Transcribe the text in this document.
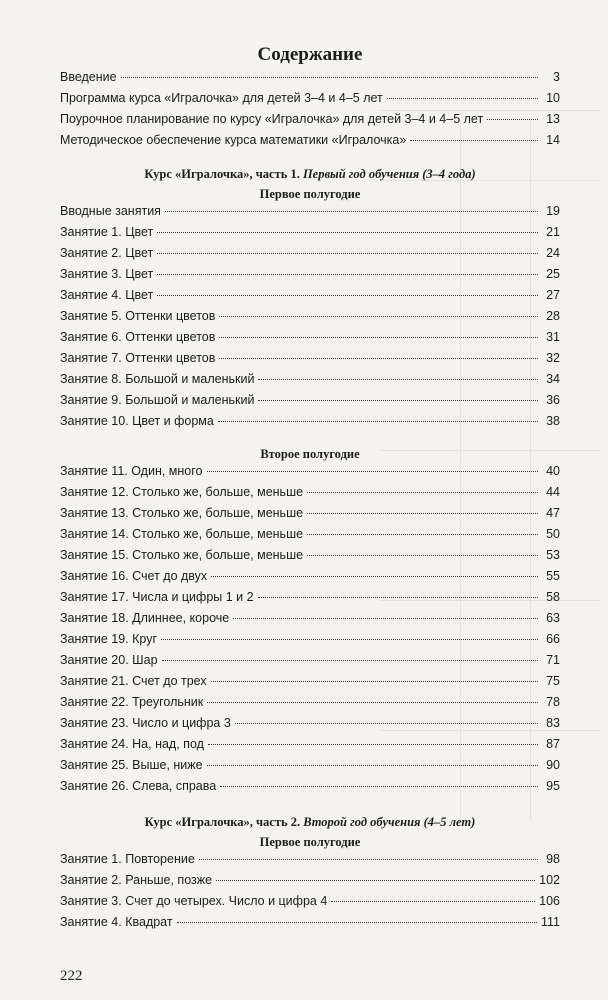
Содержание
Введение	3
Программа курса «Игралочка» для детей 3–4 и 4–5 лет	10
Поурочное планирование по курсу «Игралочка» для детей 3–4 и 4–5 лет	13
Методическое обеспечение курса математики «Игралочка»	14
Курс «Игралочка», часть 1. Первый год обучения (3–4 года)
Первое полугодие
Вводные занятия	19
Занятие 1. Цвет	21
Занятие 2. Цвет	24
Занятие 3. Цвет	25
Занятие 4. Цвет	27
Занятие 5. Оттенки цветов	28
Занятие 6. Оттенки цветов	31
Занятие 7. Оттенки цветов	32
Занятие 8. Большой и маленький	34
Занятие 9. Большой и маленький	36
Занятие 10. Цвет и форма	38
Второе полугодие
Занятие 11. Один, много	40
Занятие 12. Столько же, больше, меньше	44
Занятие 13. Столько же, больше, меньше	47
Занятие 14. Столько же, больше, меньше	50
Занятие 15. Столько же, больше, меньше	53
Занятие 16. Счет до двух	55
Занятие 17. Числа и цифры 1 и 2	58
Занятие 18. Длиннее, короче	63
Занятие 19. Круг	66
Занятие 20. Шар	71
Занятие 21. Счет до трех	75
Занятие 22. Треугольник	78
Занятие 23. Число и цифра 3	83
Занятие 24. На, над, под	87
Занятие 25. Выше, ниже	90
Занятие 26. Слева, справа	95
Курс «Игралочка», часть 2. Второй год обучения (4–5 лет)
Первое полугодие
Занятие 1. Повторение	98
Занятие 2. Раньше, позже	102
Занятие 3. Счет до четырех. Число и цифра 4	106
Занятие 4. Квадрат	111
222
